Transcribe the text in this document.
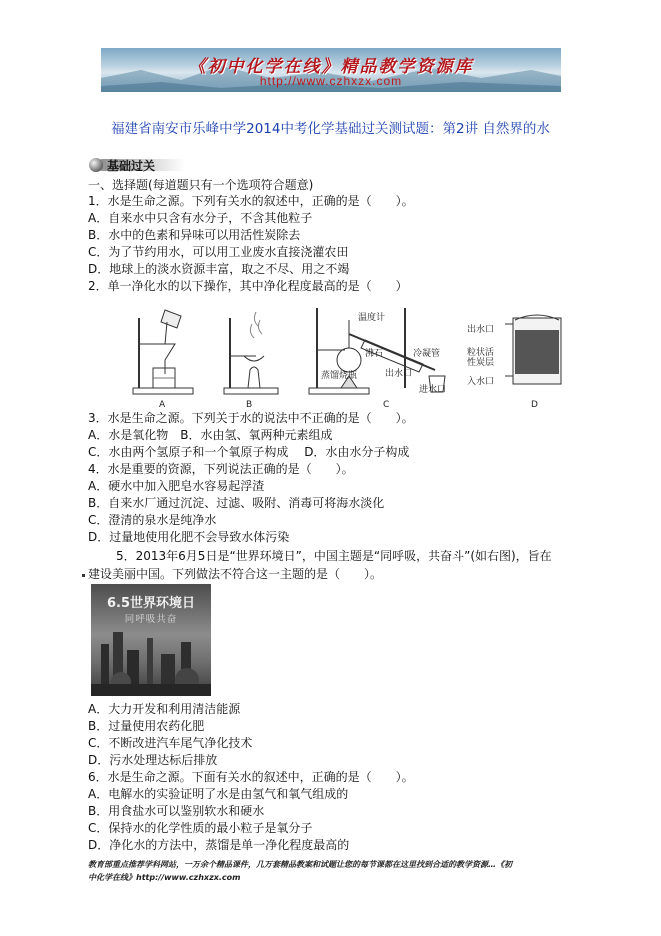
《初中化学在线》精品教学资源库
http://www.czhxzx.com
福建省南安市乐峰中学2014中考化学基础过关测试题：第2讲 自然界的水
基础过关
一、选择题(每道题只有一个选项符合题意)
1．水是生命之源。下列有关水的叙述中，正确的是（　　）。
A．自来水中只含有水分子，不含其他粒子
B．水中的色素和异味可以用活性炭除去
C．为了节约用水，可以用工业废水直接浇灌农田
D．地球上的淡水资源丰富，取之不尽、用之不竭
2．单一净化水的以下操作，其中净化程度最高的是（　　）
A	B
温度计
沸石	冷凝管
蒸馏烧瓶	出水口
进水口
C
出水口
粒状活性炭层
入水口
D
3．水是生命之源。下列关于水的说法中不正确的是（　　）。
A．水是氧化物　B．水由氢、氧两种元素组成
C．水由两个氢原子和一个氧原子构成　 D．水由水分子构成
4．水是重要的资源，下列说法正确的是（　　）。
A．硬水中加入肥皂水容易起浮渣
B．自来水厂通过沉淀、过滤、吸附、消毒可将海水淡化
C．澄清的泉水是纯净水
D．过量地使用化肥不会导致水体污染
5．2013年6月5日是“世界环境日”，中国主题是“同呼吸，共奋斗”(如右图)，旨在
建设美丽中国。下列做法不符合这一主题的是（　　）。
6.5世界环境日
同呼吸共奋
A．大力开发和利用清洁能源
B．过量使用农药化肥
C．不断改进汽车尾气净化技术
D．污水处理达标后排放
6．水是生命之源。下面有关水的叙述中，正确的是（　　）。
A．电解水的实验证明了水是由氢气和氧气组成的
B．用食盐水可以鉴别软水和硬水
C．保持水的化学性质的最小粒子是氧分子
D．净化水的方法中，蒸馏是单一净化程度最高的
教育部重点推荐学科网站，一万余个精品课件，几万套精品教案和试题让您的每节课都在这里找到合适的教学资源…《初
中化学在线》http://www.czhxzx.com
